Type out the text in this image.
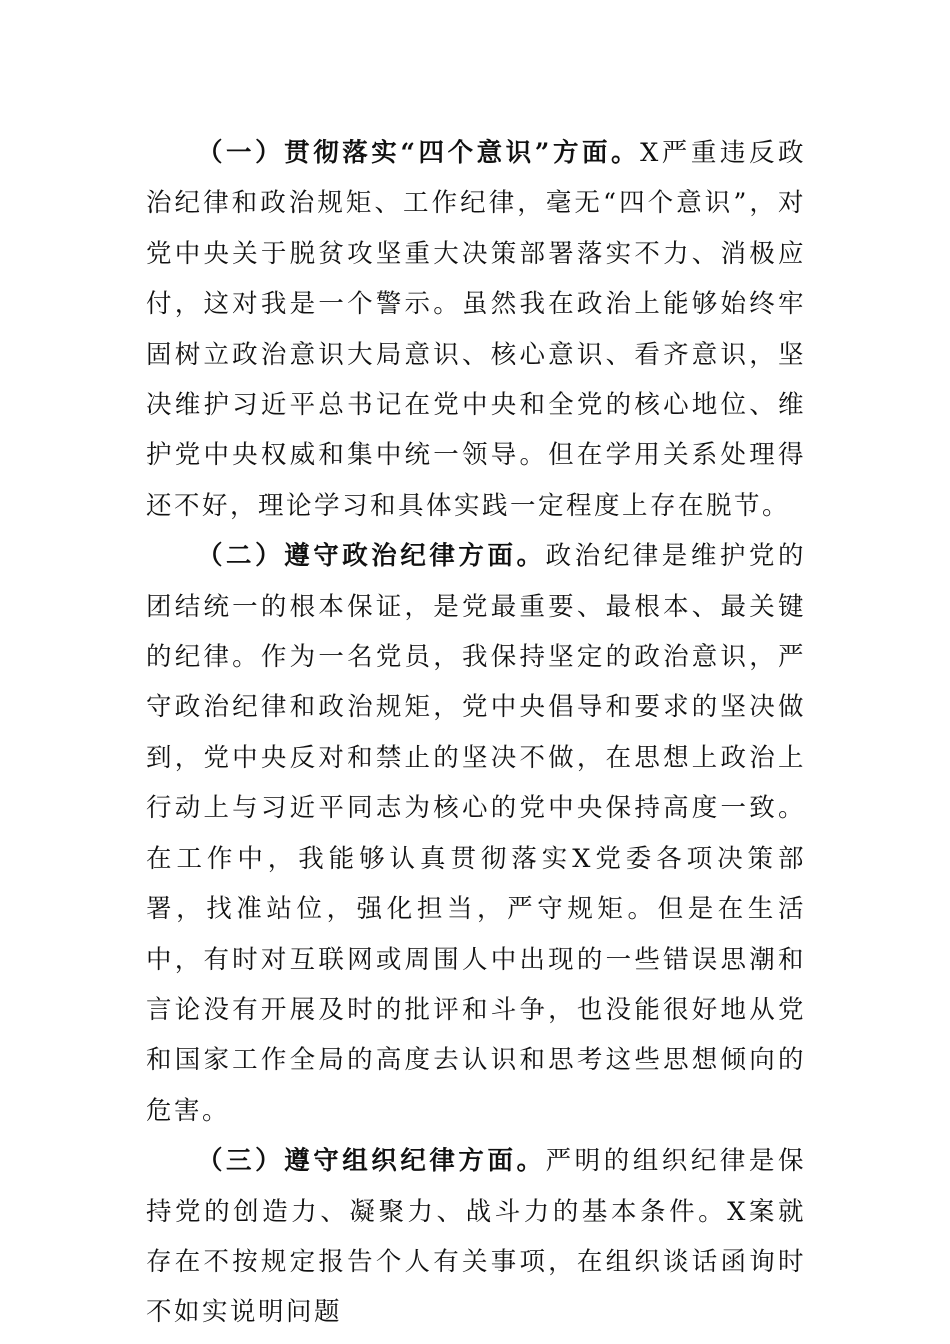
（一）贯彻落实“四个意识”方面。X严重违反政治纪律和政治规矩、工作纪律，毫无“四个意识”，对党中央关于脱贫攻坚重大决策部署落实不力、消极应付，这对我是一个警示。虽然我在政治上能够始终牢固树立政治意识大局意识、核心意识、看齐意识，坚决维护习近平总书记在党中央和全党的核心地位、维护党中央权威和集中统一领导。但在学用关系处理得还不好，理论学习和具体实践一定程度上存在脱节。

（二）遵守政治纪律方面。政治纪律是维护党的团结统一的根本保证，是党最重要、最根本、最关键的纪律。作为一名党员，我保持坚定的政治意识，严守政治纪律和政治规矩，党中央倡导和要求的坚决做到，党中央反对和禁止的坚决不做，在思想上政治上行动上与习近平同志为核心的党中央保持高度一致。在工作中，我能够认真贯彻落实X党委各项决策部署，找准站位，强化担当，严守规矩。但是在生活中，有时对互联网或周围人中出现的一些错误思潮和言论没有开展及时的批评和斗争，也没能很好地从党和国家工作全局的高度去认识和思考这些思想倾向的危害。

（三）遵守组织纪律方面。严明的组织纪律是保持党的创造力、凝聚力、战斗力的基本条件。X案就存在不按规定报告个人有关事项，在组织谈话函询时不如实说明问题
